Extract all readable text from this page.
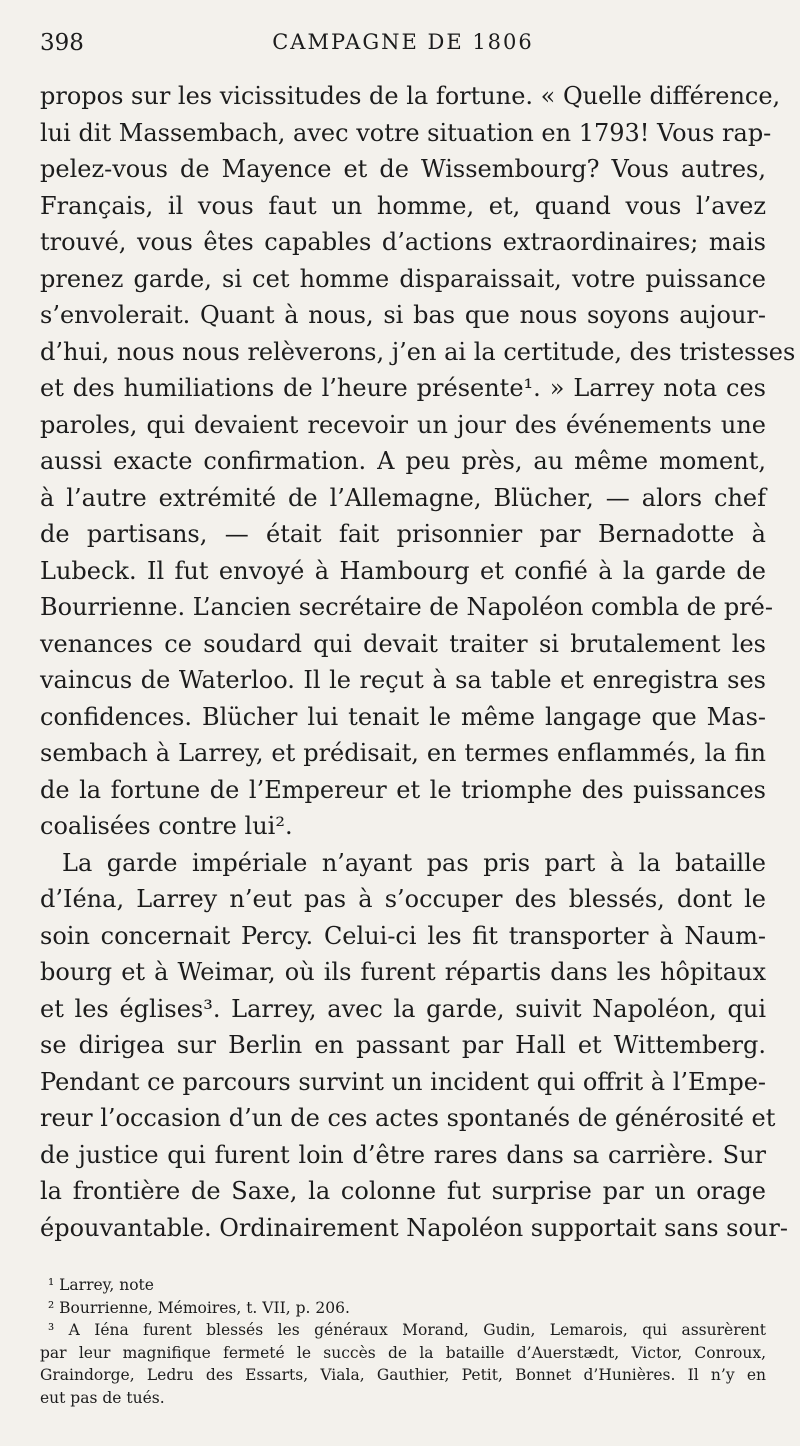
398	CAMPAGNE DE 1806
propos sur les vicissitudes de la fortune. « Quelle différence,
lui dit Massembach, avec votre situation en 1793! Vous rap-
pelez-vous de Mayence et de Wissembourg? Vous autres,
Français, il vous faut un homme, et, quand vous l’avez
trouvé, vous êtes capables d’actions extraordinaires; mais
prenez garde, si cet homme disparaissait, votre puissance
s’envolerait. Quant à nous, si bas que nous soyons aujour-
d’hui, nous nous relèverons, j’en ai la certitude, des tristesses
et des humiliations de l’heure présente¹. » Larrey nota ces
paroles, qui devaient recevoir un jour des événements une
aussi exacte confirmation. A peu près, au même moment,
à l’autre extrémité de l’Allemagne, Blücher, — alors chef
de partisans, — était fait prisonnier par Bernadotte à
Lubeck. Il fut envoyé à Hambourg et confié à la garde de
Bourrienne. L’ancien secrétaire de Napoléon combla de pré-
venances ce soudard qui devait traiter si brutalement les
vaincus de Waterloo. Il le reçut à sa table et enregistra ses
confidences. Blücher lui tenait le même langage que Mas-
sembach à Larrey, et prédisait, en termes enflammés, la fin
de la fortune de l’Empereur et le triomphe des puissances
coalisées contre lui².
La garde impériale n’ayant pas pris part à la bataille
d’Iéna, Larrey n’eut pas à s’occuper des blessés, dont le
soin concernait Percy. Celui-ci les fit transporter à Naum-
bourg et à Weimar, où ils furent répartis dans les hôpitaux
et les églises³. Larrey, avec la garde, suivit Napoléon, qui
se dirigea sur Berlin en passant par Hall et Wittemberg.
Pendant ce parcours survint un incident qui offrit à l’Empe-
reur l’occasion d’un de ces actes spontanés de générosité et
de justice qui furent loin d’être rares dans sa carrière. Sur
la frontière de Saxe, la colonne fut surprise par un orage
épouvantable. Ordinairement Napoléon supportait sans sour-
¹ Larrey, note
² Bourrienne, Mémoires, t. VII, p. 206.
³ A Iéna furent blessés les généraux Morand, Gudin, Lemarois, qui assurèrent
par leur magnifique fermeté le succès de la bataille d’Auerstædt, Victor, Conroux,
Graindorge, Ledru des Essarts, Viala, Gauthier, Petit, Bonnet d’Hunières. Il n’y en
eut pas de tués.
